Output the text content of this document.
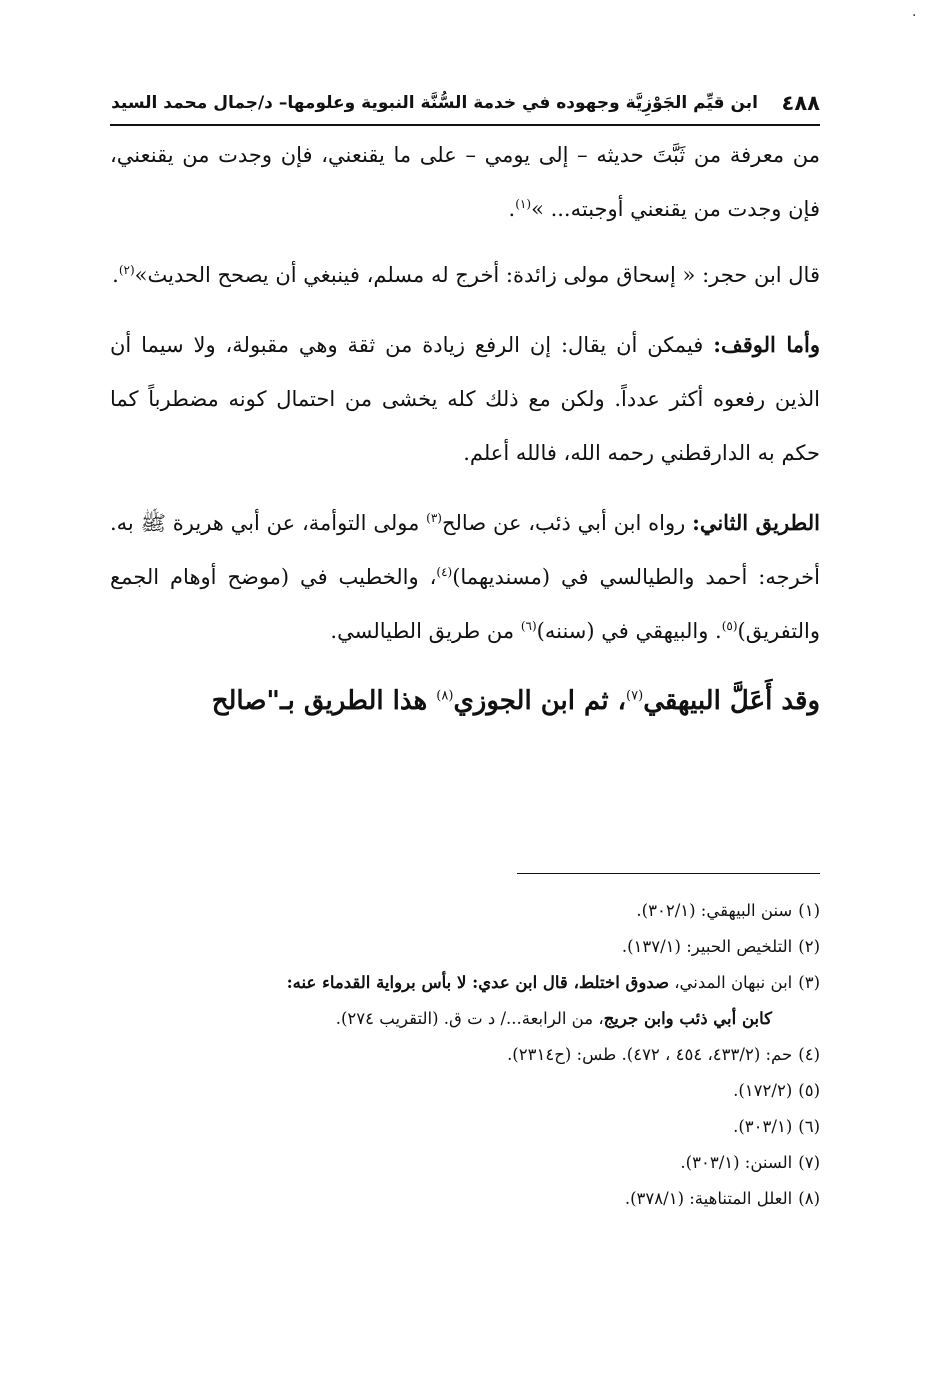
·
٤٨٨
ابن قيِّم الجَوْزِيَّة وجهوده في خدمة السُّنَّة النبوية وعلومها– د/جمال محمد السيد

من معرفة من ثَبَّتَ حديثه – إلى يومي – على ما يقنعني، فإن وجدت من يقنعني، فإن وجدت من يقنعني أوجبته... »$^{(١)}$.

قال ابن حجر: « إسحاق مولى زائدة: أخرج له مسلم، فينبغي أن يصحح الحديث»$^{(٢)}$.

وأما الوقف: فيمكن أن يقال: إن الرفع زيادة من ثقة وهي مقبولة، ولا سيما أن الذين رفعوه أكثر عدداً. ولكن مع ذلك كله يخشى من احتمال كونه مضطرباً كما حكم به الدارقطني رحمه الله، فالله أعلم.

الطريق الثاني: رواه ابن أبي ذئب، عن صالح$^{(٣)}$ مولى التوأمة، عن أبي هريرة ﷺ به. أخرجه: أحمد والطيالسي في (مسنديهما)$^{(٤)}$، والخطيب في (موضح أوهام الجمع والتفريق)$^{(٥)}$. والبيهقي في (سننه)$^{(٦)}$ من طريق الطيالسي.

وقد أَعَلَّ البيهقي$^{(٧)}$، ثم ابن الجوزي$^{(٨)}$ هذا الطريق بـ"صالح
(١)سنن البيهقي: (٣٠٢/١).
(٢)التلخيص الحبير: (١٣٧/١).
(٣)ابن نبهان المدني، صدوق اختلط، قال ابن عدي: لا بأس برواية القدماء عنه:
كابن أبي ذئب وابن جريج، من الرابعة.../ د ت ق. (التقريب ٢٧٤).
(٤)حم: (٤٣٣/٢، ٤٥٤ ، ٤٧٢). طس: (ح٢٣١٤).
(٥)(١٧٢/٢).
(٦)(٣٠٣/١).
(٧)السنن: (٣٠٣/١).
(٨)العلل المتناهية: (٣٧٨/١).
